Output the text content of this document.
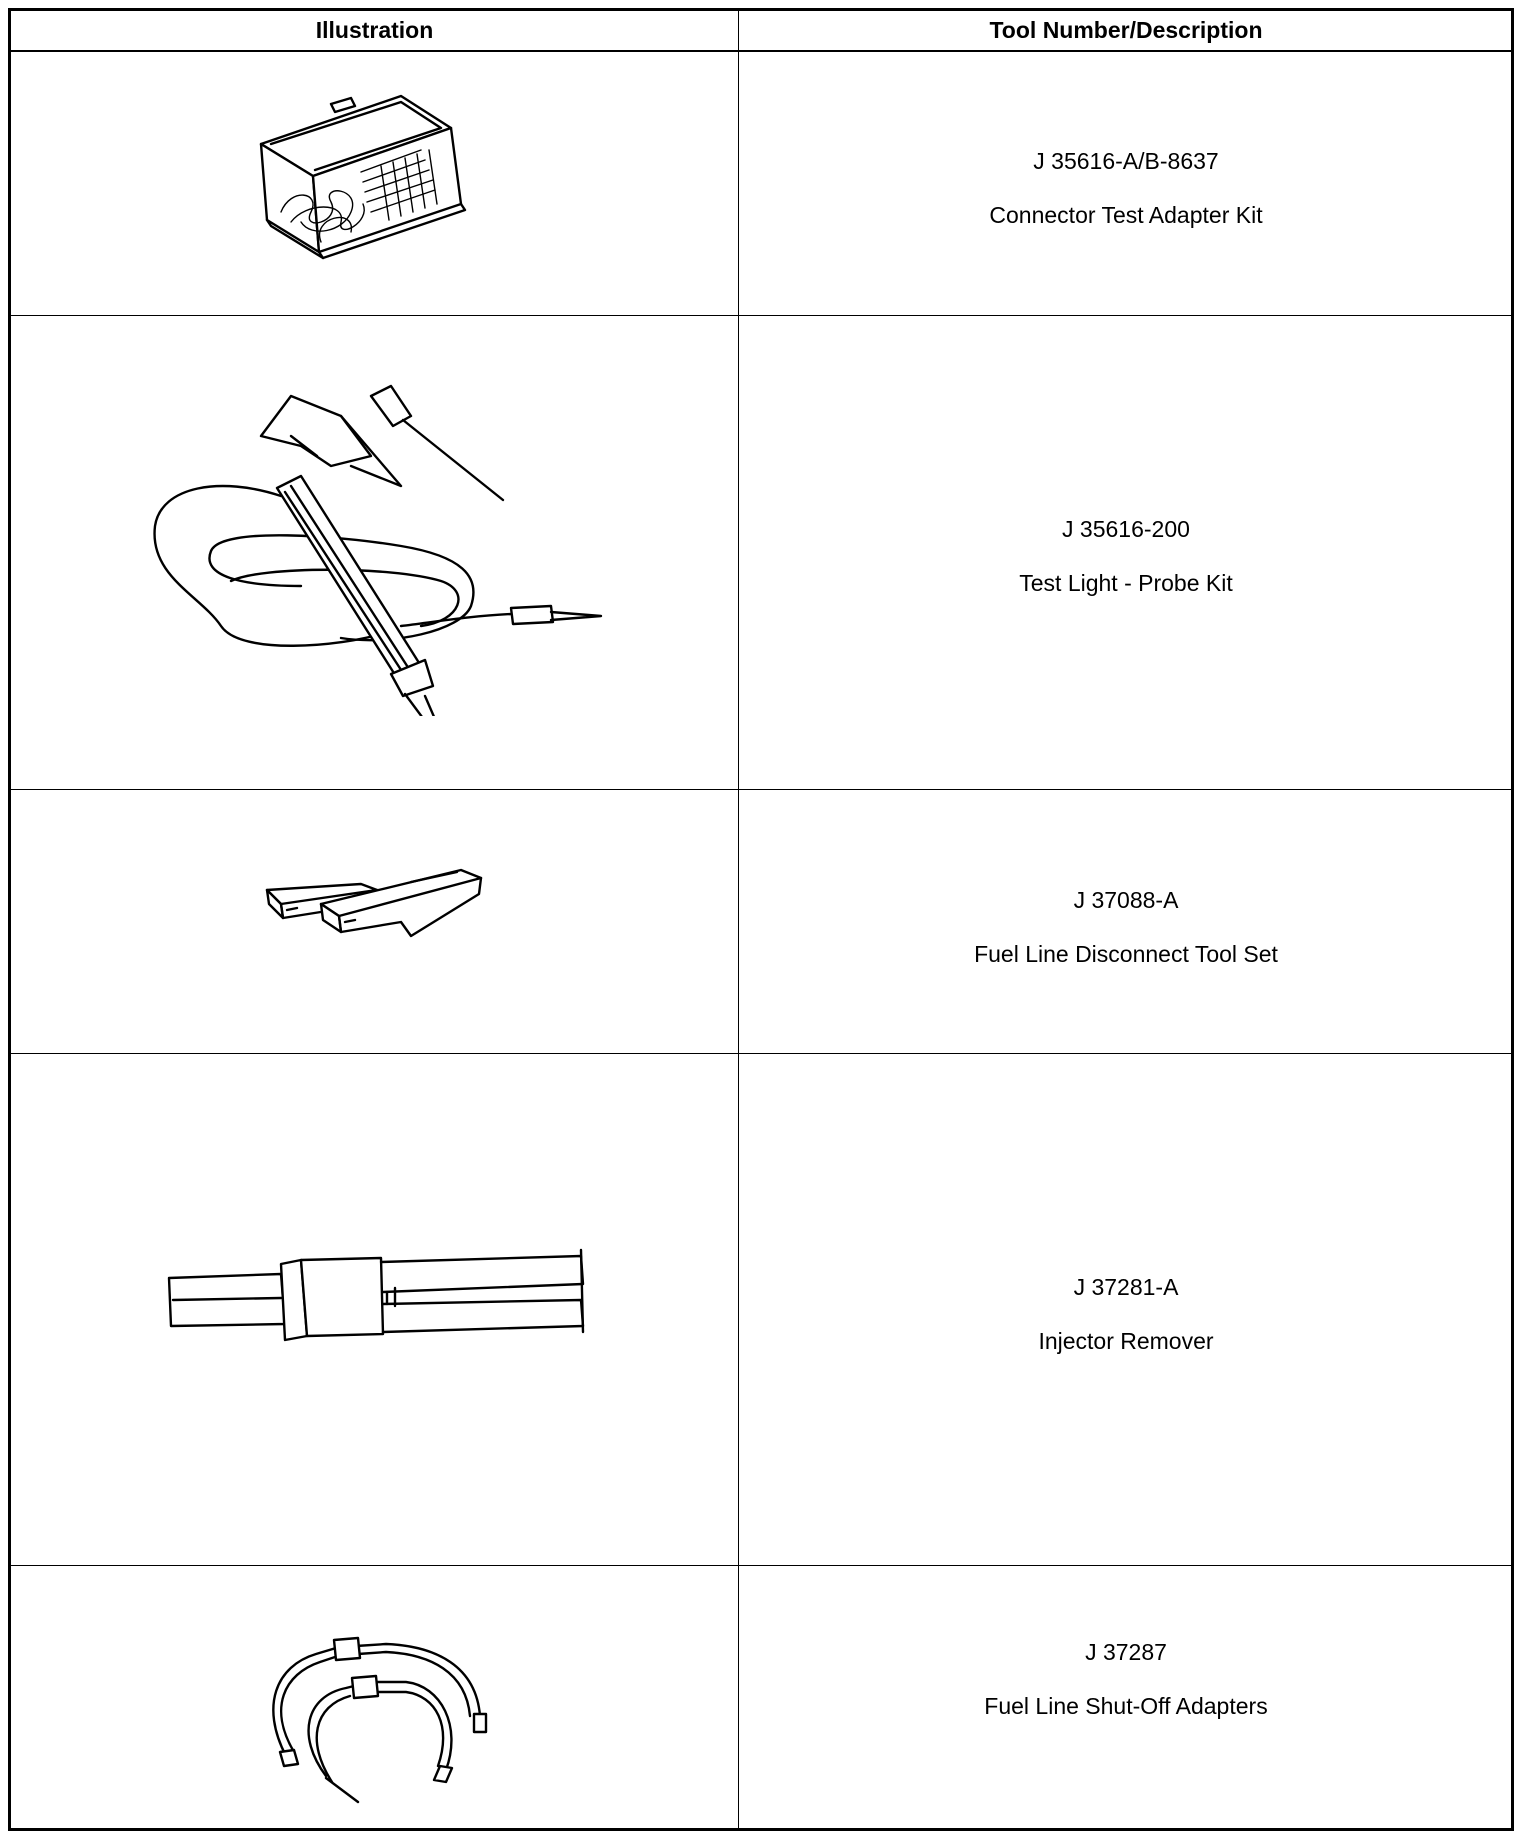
Illustration	Tool Number/Description
J 35616-A/B-8637
Connector Test Adapter Kit
J 35616-200
Test Light - Probe Kit
J 37088-A
Fuel Line Disconnect Tool Set
J 37281-A
Injector Remover
J 37287
Fuel Line Shut-Off Adapters
